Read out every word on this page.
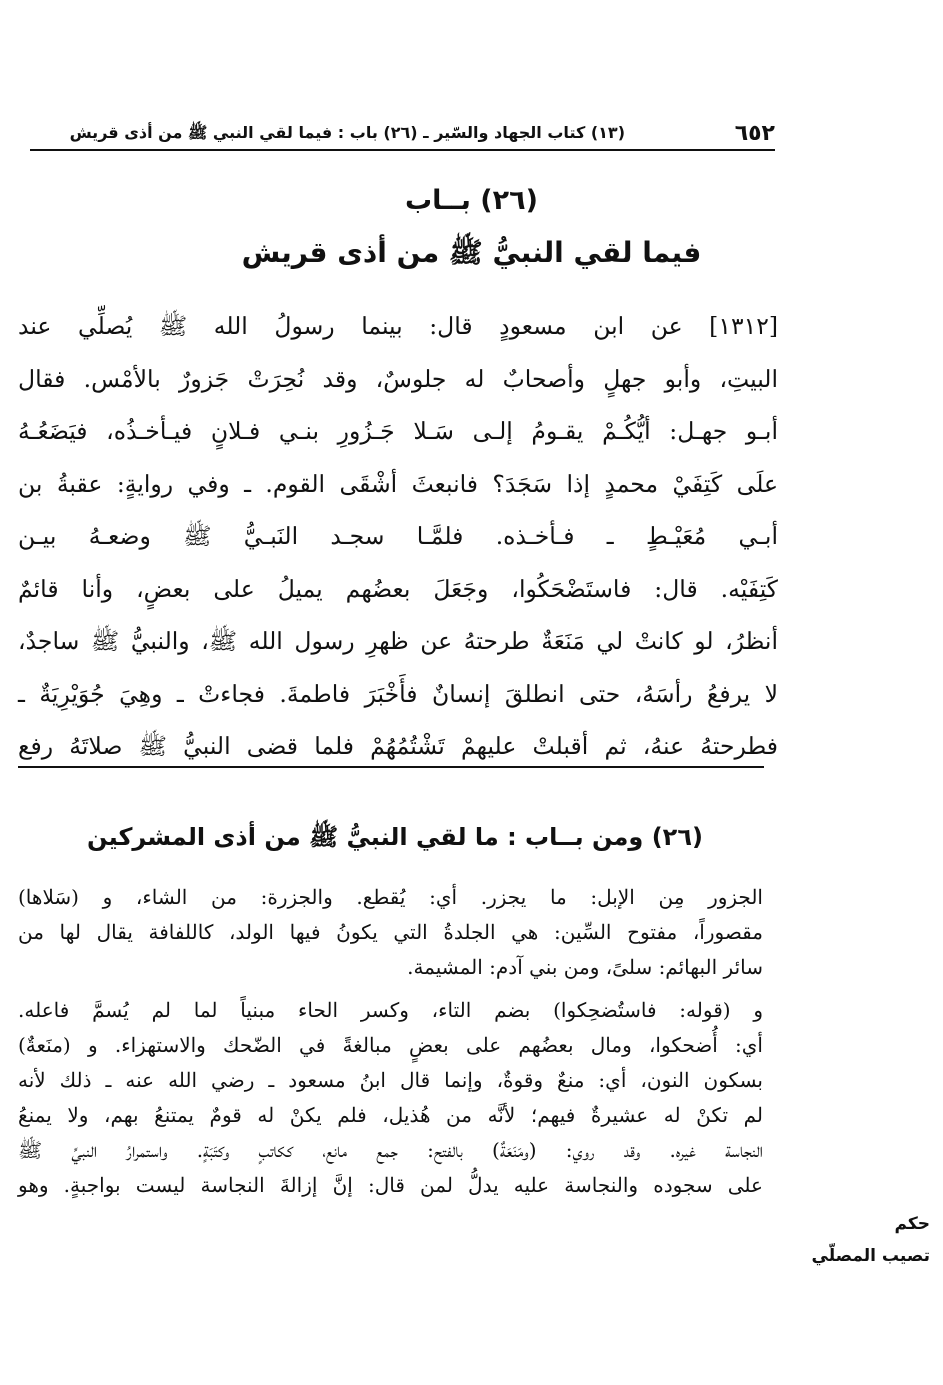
٦٥٢
(١٣) كتاب الجهاد والسّير ـ (٢٦) باب : فيما لقي النبي ﷺ من أذى قريش
(٢٦) بــاب
فيما لقي النبيُّ ﷺ من أذى قريش
[١٣١٢] عن ابن مسعودٍ قال: بينما رسولُ الله ﷺ يُصلِّي عند
البيتِ، وأبو جهلٍ وأصحابٌ له جلوسٌ، وقد نُحِرَتْ جَزورٌ بالأمْس. فقال
أبـو جهـل: أيُّكُـمْ يقـومُ إلـى سَـلا جَـزُورِ بنـي فـلانٍ فيـأخـذُه، فيَضَعُـهُ
علَى كَتِفَيْ محمدٍ إذا سَجَدَ؟ فانبعثَ أشْقَى القوم. ـ وفي روايةٍ: عقبةُ بن
أبـي مُعَيْـطٍ ـ فـأخـذه. فلمَّـا سجـد النَبـيُّ ﷺ وضعـهُ بيـن
كَتِفَيْه. قال: فاستَضْحَكُوا، وجَعَلَ بعضُهم يميلُ على بعضٍ، وأنا قائمٌ
أنظرُ، لو كانتْ لي مَنَعَةٌ طرحتهُ عن ظهرِ رسول الله ﷺ، والنبيُّ ﷺ ساجدٌ،
لا يرفعُ رأسَهُ، حتى انطلقَ إنسانٌ فأَخْبَرَ فاطمةَ. فجاءتْ ـ وهِيَ جُوَيْرِيَةٌ ـ
فطرحتهُ عنهُ، ثم أقبلتْ عليهمْ تَشْتُمُهُمْ فلما قضى النبيُّ ﷺ صلاتَهُ رفع
(٢٦) ومن بــاب : ما لقي النبيُّ ﷺ من أذى المشركين
الجزور مِن الإبل: ما يجزر. أي: يُقطع. والجزرة: من الشاء، و (سَلاها)
مقصوراً، مفتوح السِّين: هي الجلدةُ التي يكونُ فيها الولد، كاللفافة يقال لها من
سائر البهائم: سلىً، ومن بني آدم: المشيمة.
و (قوله: فاستُضحِكوا) بضم التاء، وكسر الحاء مبنياً لما لم يُسمَّ فاعله.
أي: أُضحكوا، ومال بعضُهم على بعضٍ مبالغةً في الضّحك والاستهزاء. و (منَعةٌ)
بسكون النون، أي: منعٌ وقوةٌ، وإنما قال ابنُ مسعود ـ رضي الله عنه ـ ذلك لأنه
لم تكنْ له عشيرةٌ فيهم؛ لأنَّه من هُذيل، فلم يكنْ له قومٌ يمتنعُ بهم، ولا يمنعُ
النجاسة غيره. وقد روي: (ومَنَعَةٌ) بالفتح: جمع مانع، ككاتبٍ وكتَبَةٍ. واستمرارُ النبيِّ ﷺ
على سجوده والنجاسة عليه يدلُّ لمن قال: إنَّ إزالةَ النجاسة ليست بواجبةٍ. وهو
حكم
تصيب المصلّي
